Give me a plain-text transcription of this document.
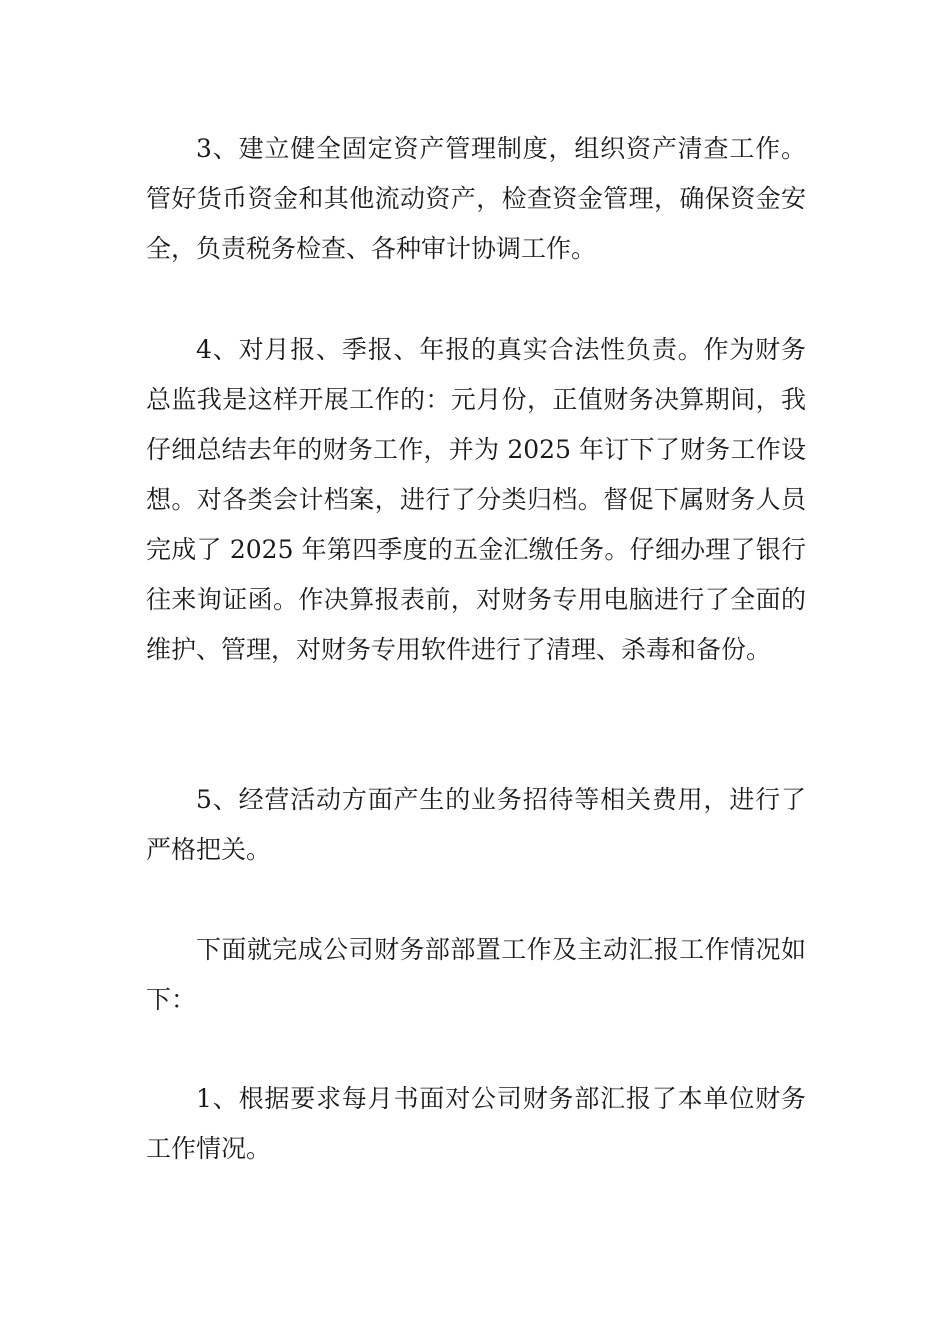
3、建立健全固定资产管理制度，组织资产清查工作。管好货币资金和其他流动资产，检查资金管理，确保资金安全，负责税务检查、各种审计协调工作。

4、对月报、季报、年报的真实合法性负责。作为财务总监我是这样开展工作的：元月份，正值财务决算期间，我仔细总结去年的财务工作，并为 2025 年订下了财务工作设想。对各类会计档案，进行了分类归档。督促下属财务人员完成了 2025 年第四季度的五金汇缴任务。仔细办理了银行往来询证函。作决算报表前，对财务专用电脑进行了全面的维护、管理，对财务专用软件进行了清理、杀毒和备份。

5、经营活动方面产生的业务招待等相关费用，进行了严格把关。

下面就完成公司财务部部置工作及主动汇报工作情况如下：

1、根据要求每月书面对公司财务部汇报了本单位财务工作情况。
